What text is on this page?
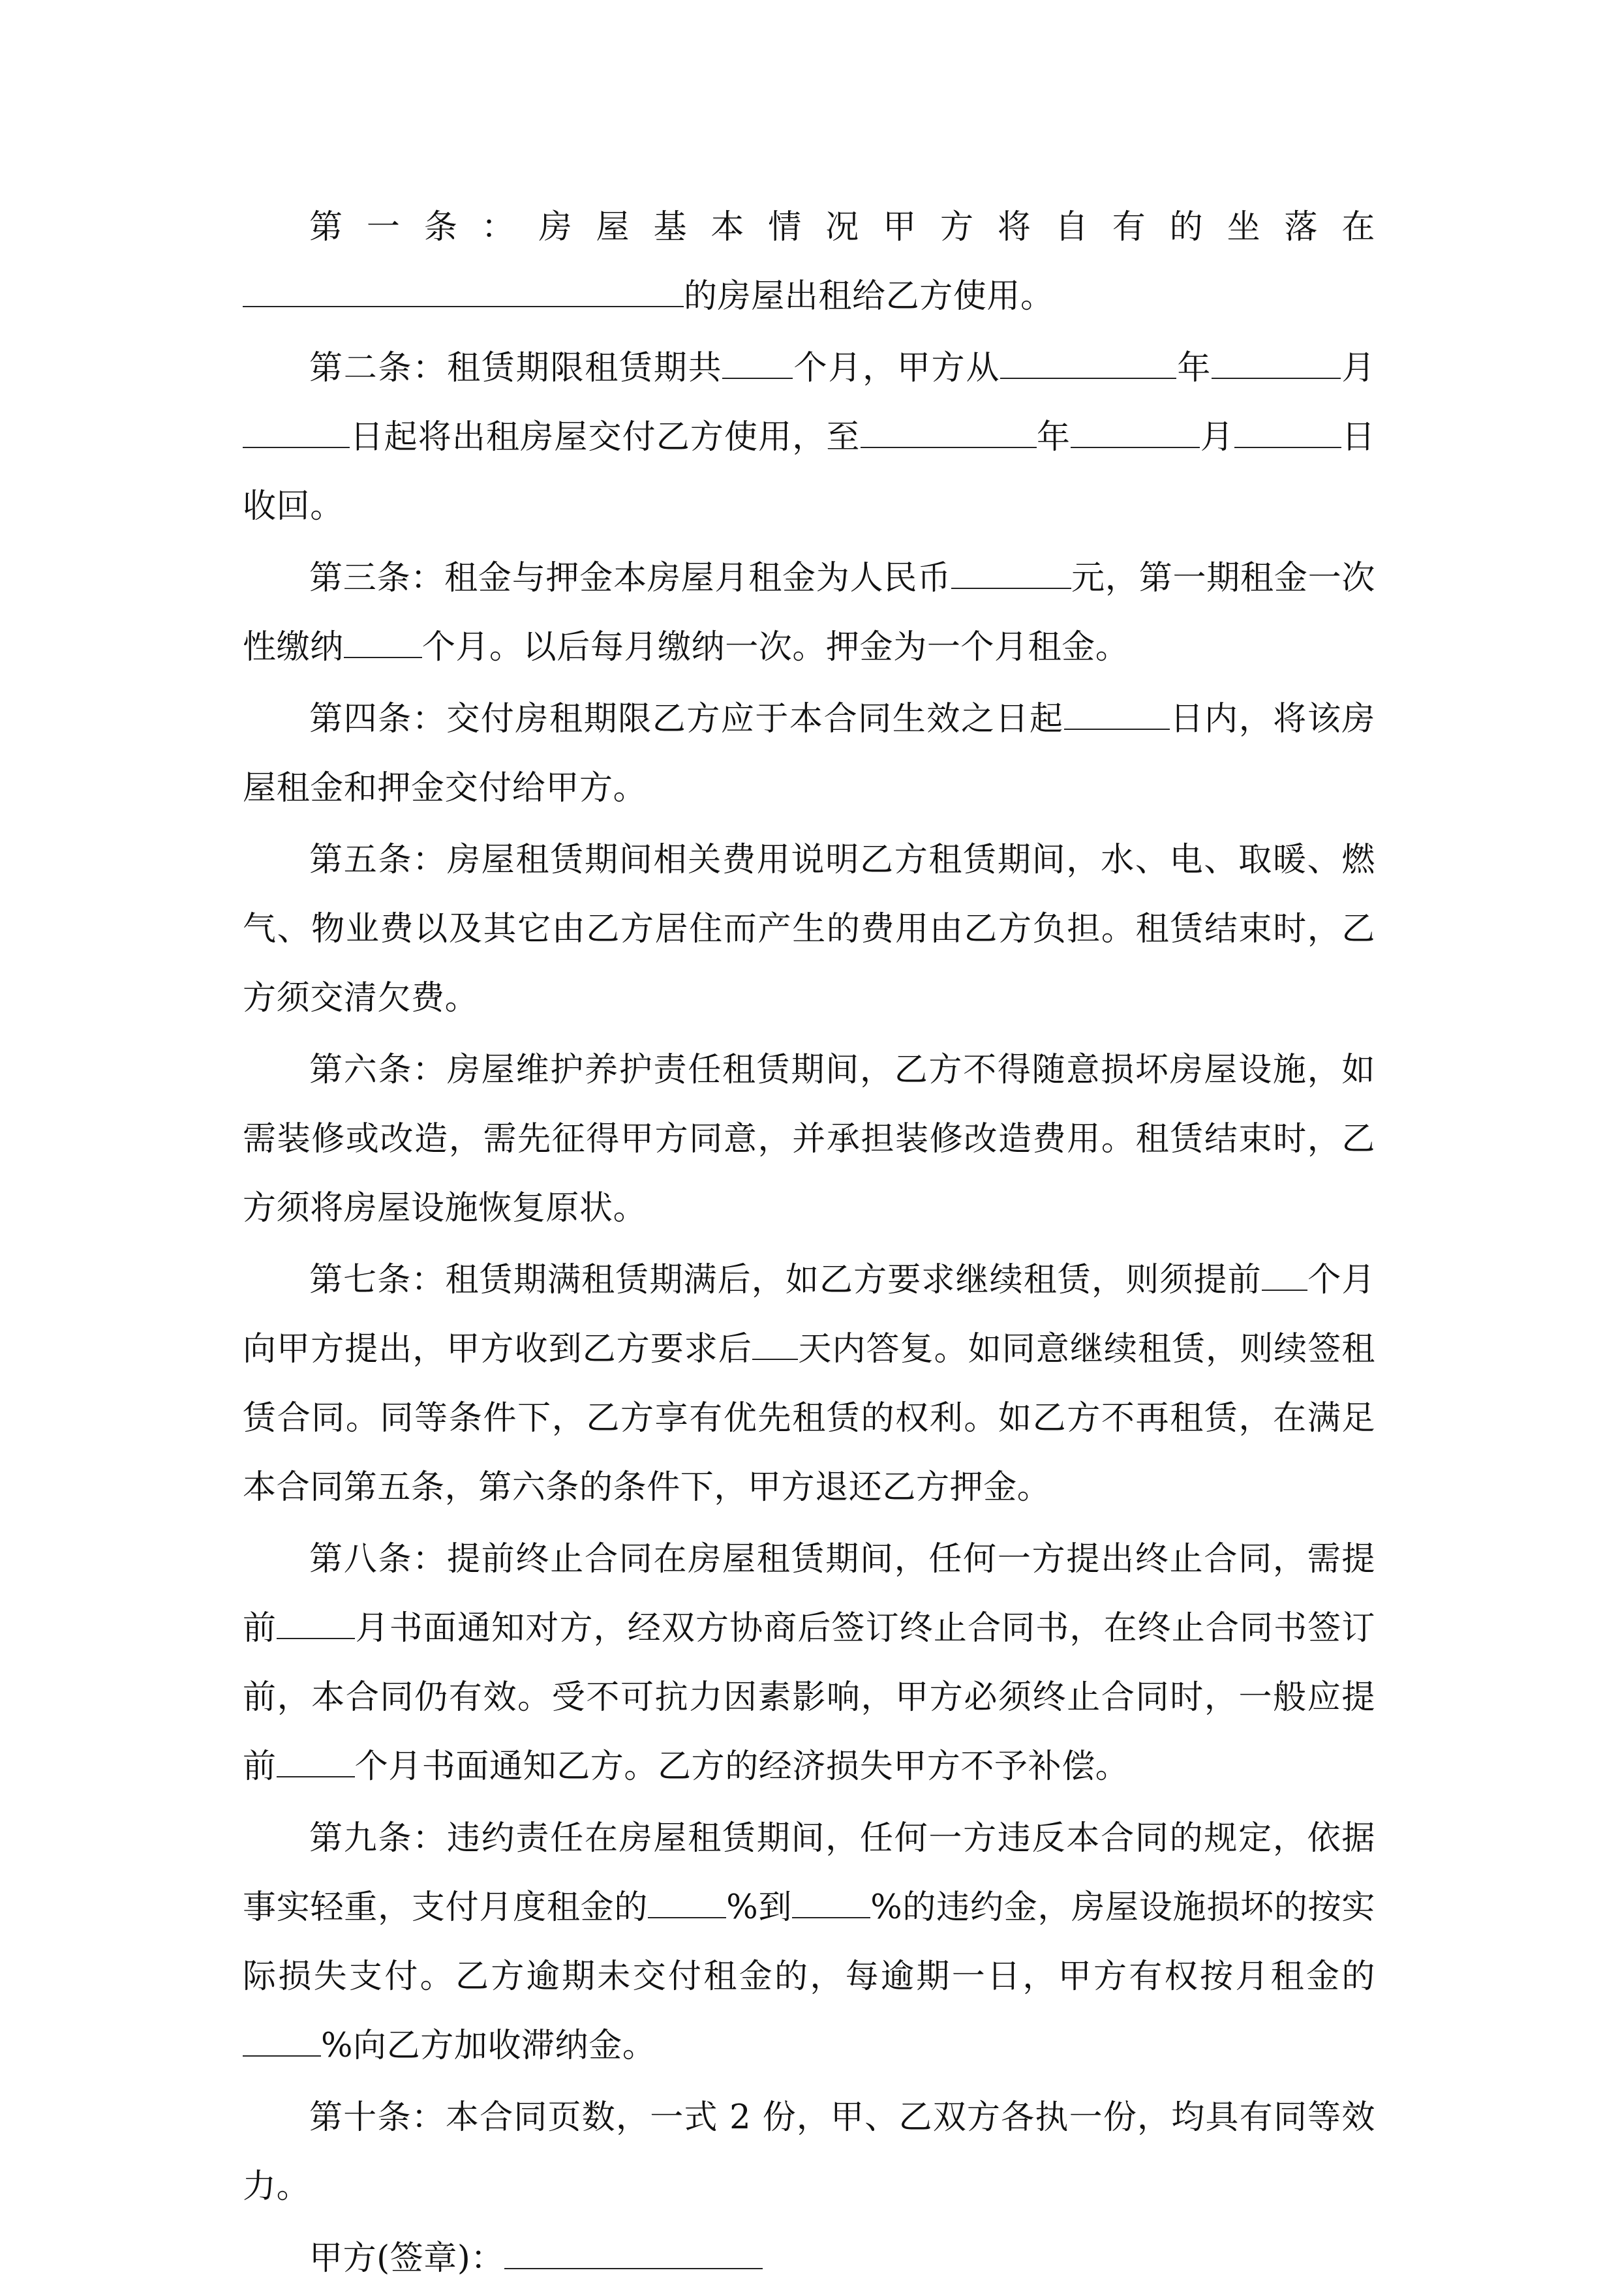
第一条：房屋基本情况甲方将自有的坐落在的房屋出租给乙方使用。

第二条：租赁期限租赁期共 个月，甲方从	年	月日起将出租房屋交付乙方使用，至	年	月	日收回。

第三条：租金与押金本房屋月租金为人民币	元，第一期租金一次性缴纳 个月。以后每月缴纳一次。押金为一个月租金。

第四条：交付房租期限乙方应于本合同生效之日起	日内，将该房屋租金和押金交付给甲方。

第五条：房屋租赁期间相关费用说明乙方租赁期间，水、电、取暖、燃气、物业费以及其它由乙方居住而产生的费用由乙方负担。租赁结束时，乙方须交清欠费。

第六条：房屋维护养护责任租赁期间，乙方不得随意损坏房屋设施，如需装修或改造，需先征得甲方同意，并承担装修改造费用。租赁结束时，乙方须将房屋设施恢复原状。

第七条：租赁期满租赁期满后，如乙方要求继续租赁，则须提前 个月向甲方提出，甲方收到乙方要求后 天内答复。如同意继续租赁，则续签租赁合同。同等条件下，乙方享有优先租赁的权利。如乙方不再租赁，在满足本合同第五条，第六条的条件下，甲方退还乙方押金。

第八条：提前终止合同在房屋租赁期间，任何一方提出终止合同，需提前 月书面通知对方，经双方协商后签订终止合同书，在终止合同书签订前，本合同仍有效。受不可抗力因素影响，甲方必须终止合同时，一般应提前 个月书面通知乙方。乙方的经济损失甲方不予补偿。

第九条：违约责任在房屋租赁期间，任何一方违反本合同的规定，依据事实轻重，支付月度租金的 %到 %的违约金，房屋设施损坏的按实际损失支付。乙方逾期未交付租金的，每逾期一日，甲方有权按月租金的%向乙方加收滞纳金。

第十条：本合同页数，一式 2 份，甲、乙双方各执一份，均具有同等效力。

甲方(签章)：
